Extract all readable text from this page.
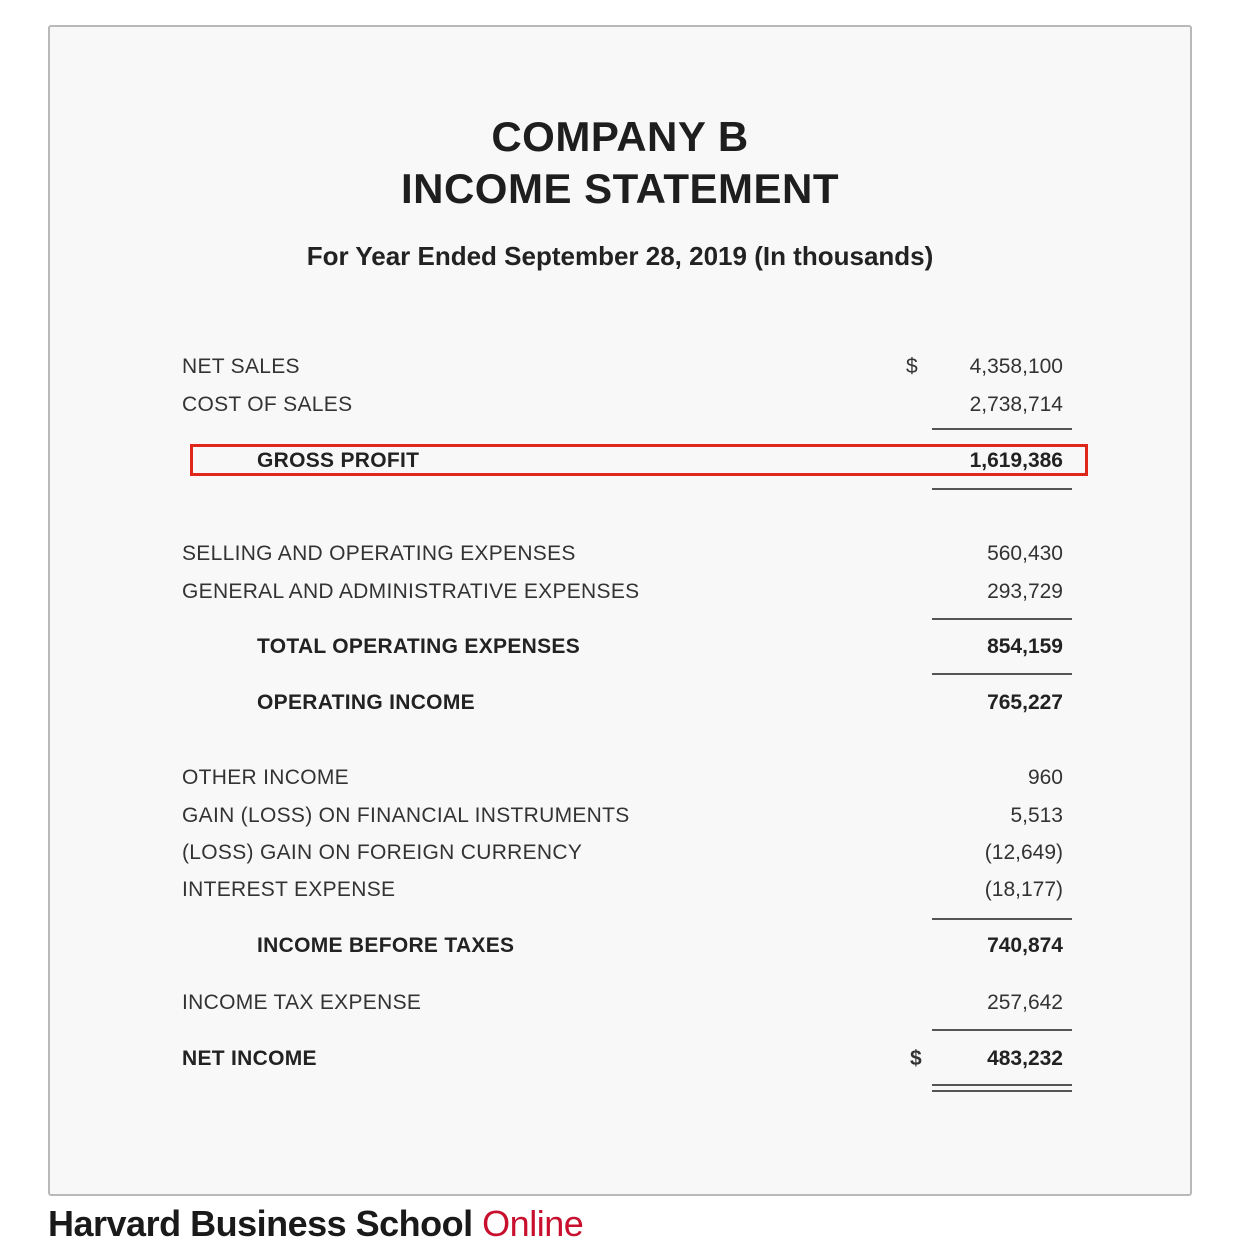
COMPANY B
INCOME STATEMENT
For Year Ended September 28, 2019 (In thousands)
NET SALES	$ 4,358,100
COST OF SALES	2,738,714
GROSS PROFIT	1,619,386
SELLING AND OPERATING EXPENSES	560,430
GENERAL AND ADMINISTRATIVE EXPENSES	293,729
TOTAL OPERATING EXPENSES	854,159
OPERATING INCOME	765,227
OTHER INCOME	960
GAIN (LOSS) ON FINANCIAL INSTRUMENTS	5,513
(LOSS) GAIN ON FOREIGN CURRENCY	(12,649)
INTEREST EXPENSE	(18,177)
INCOME BEFORE TAXES	740,874
INCOME TAX EXPENSE	257,642
NET INCOME	$	483,232
Harvard Business School Online
